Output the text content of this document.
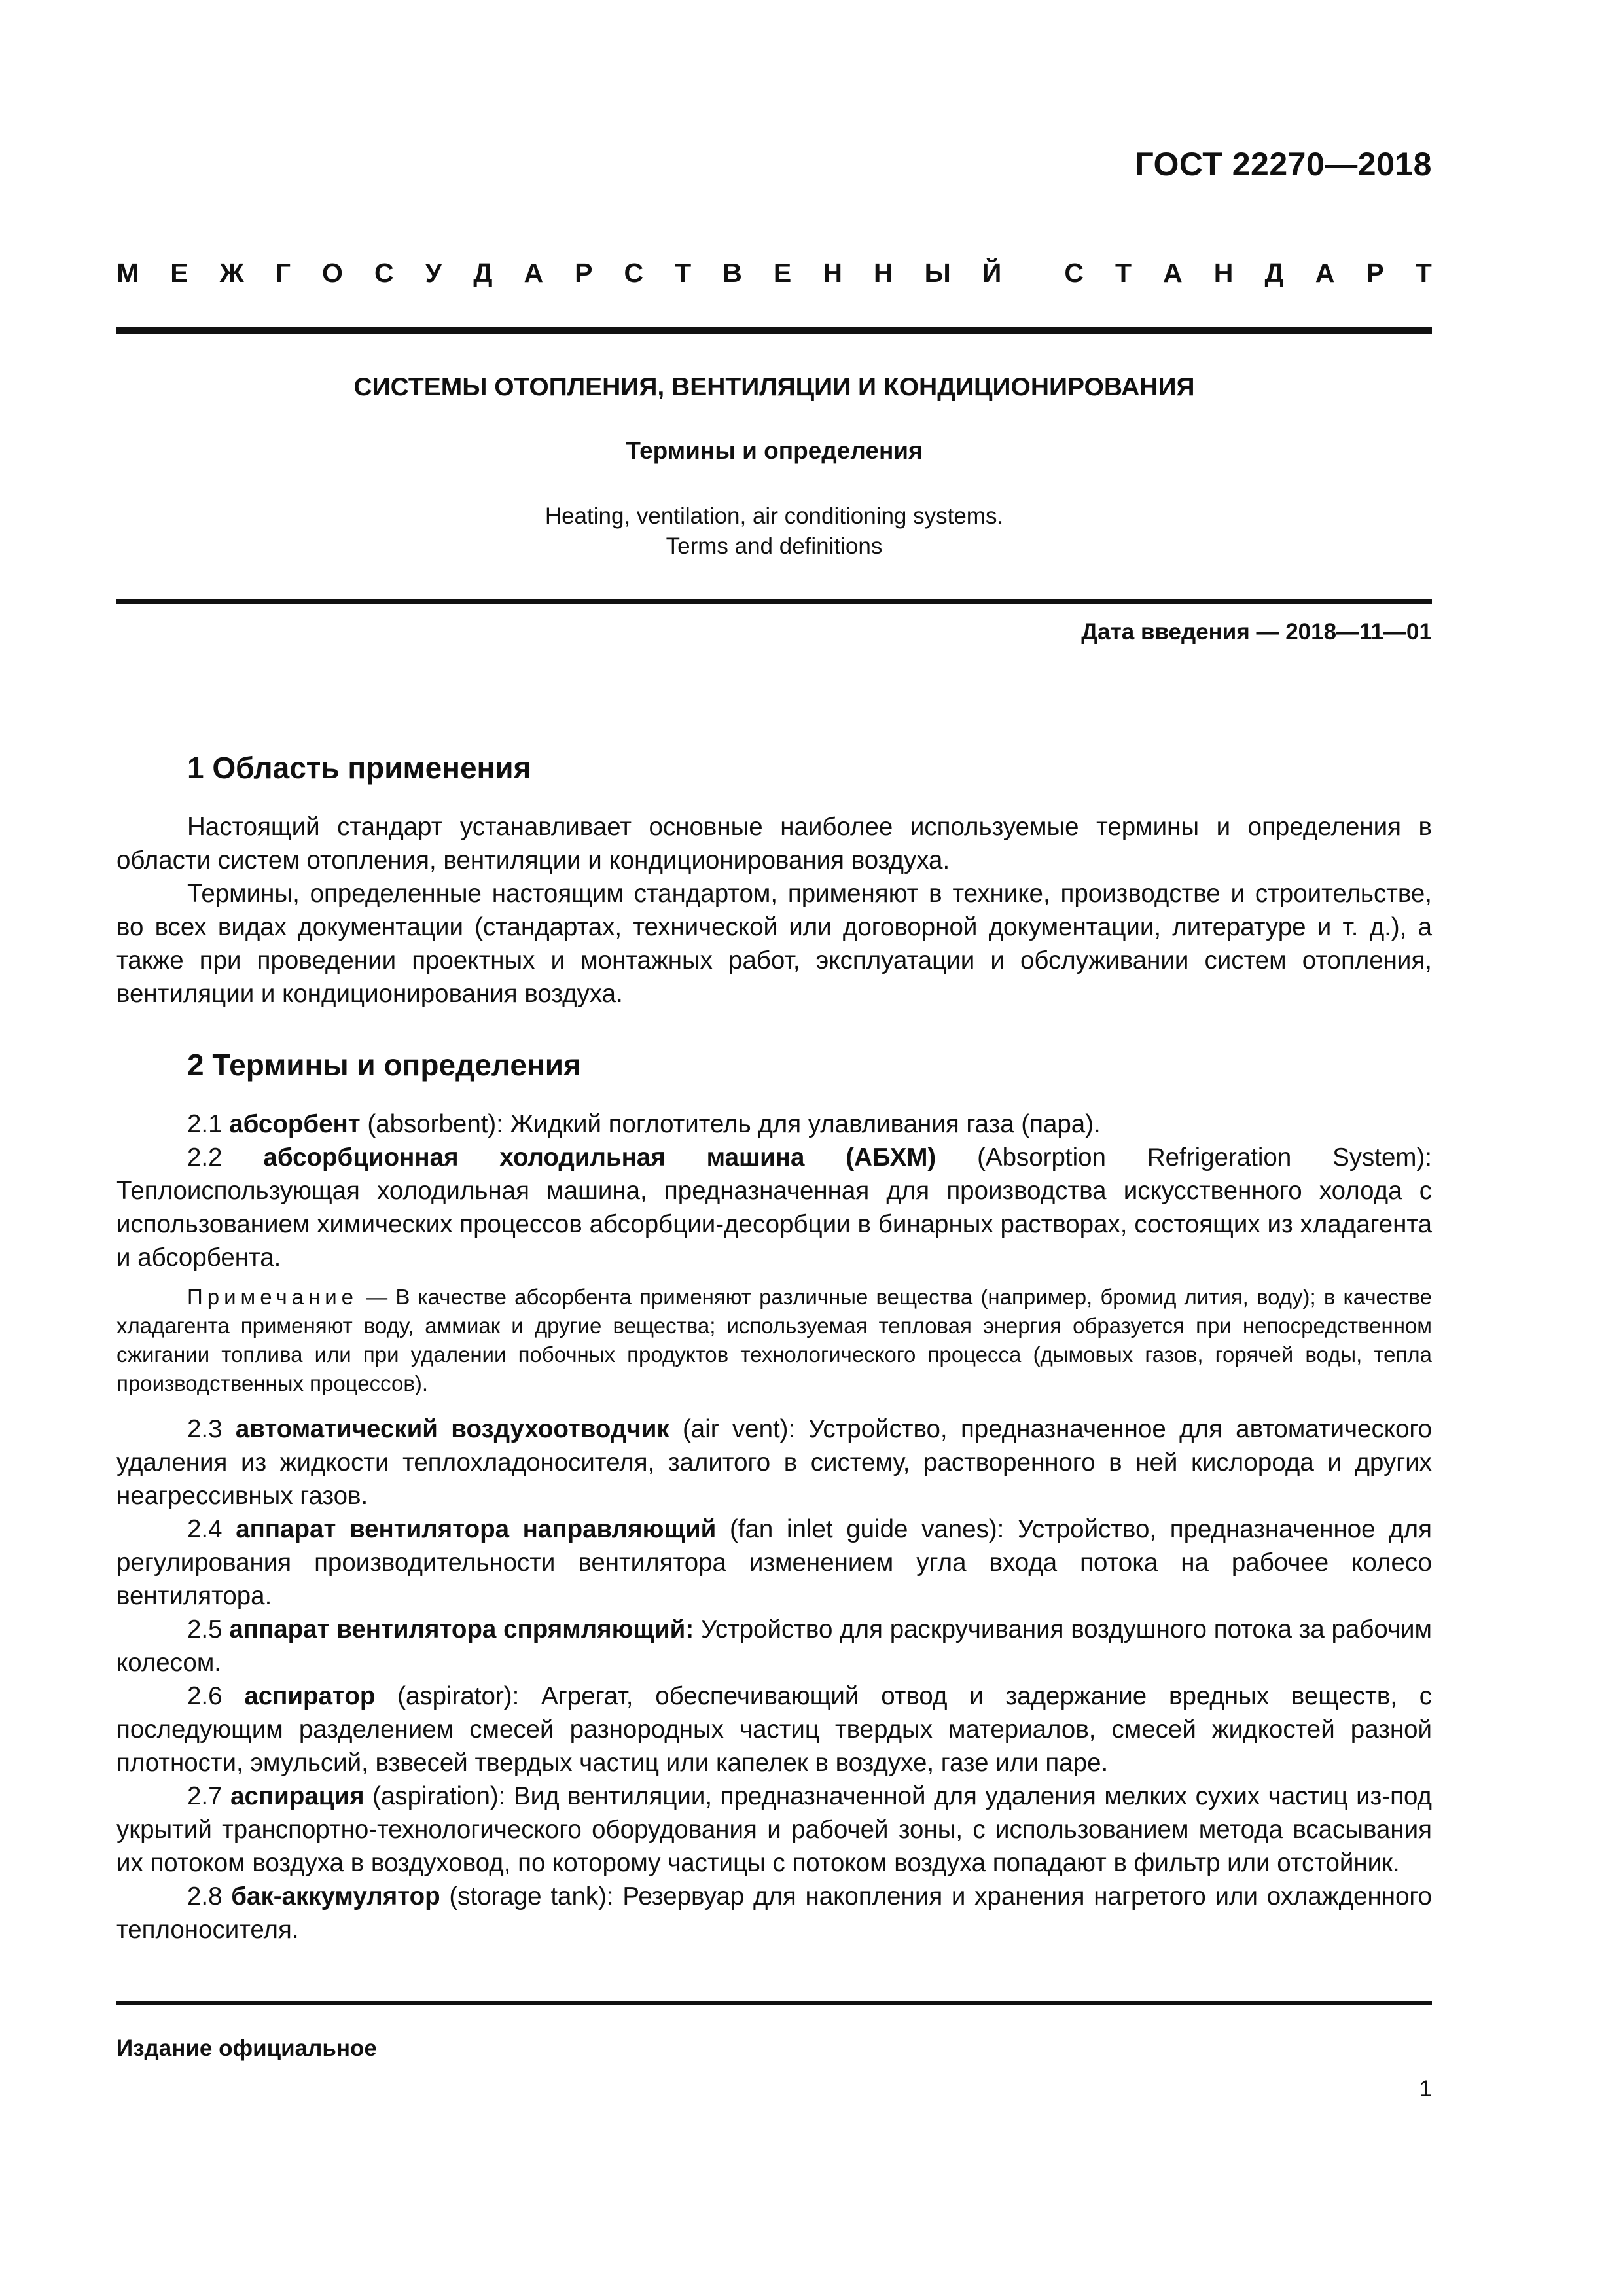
ГОСТ 22270—2018
М Е Ж Г О С У Д А Р С Т В Е Н Н Ы Й С Т А Н Д А Р Т
СИСТЕМЫ ОТОПЛЕНИЯ, ВЕНТИЛЯЦИИ И КОНДИЦИОНИРОВАНИЯ
Термины и определения
Heating, ventilation, air conditioning systems.
Terms and definitions
Дата введения — 2018—11—01
1 Область применения

Настоящий стандарт устанавливает основные наиболее используемые термины и определения в области систем отопления, вентиляции и кондиционирования воздуха.

Термины, определенные настоящим стандартом, применяют в технике, производстве и строительстве, во всех видах документации (стандартах, технической или договорной документации, литературе и т. д.), а также при проведении проектных и монтажных работ, эксплуатации и обслуживании систем отопления, вентиляции и кондиционирования воздуха.

2 Термины и определения

2.1 абсорбент (absorbent): Жидкий поглотитель для улавливания газа (пара).

2.2 абсорбционная холодильная машина (АБХМ) (Absorption Refrigeration System): Теплоиспользующая холодильная машина, предназначенная для производства искусственного холода с использованием химических процессов абсорбции-десорбции в бинарных растворах, состоящих из хладагента и абсорбента.

Примечание — В качестве абсорбента применяют различные вещества (например, бромид лития, воду); в качестве хладагента применяют воду, аммиак и другие вещества; используемая тепловая энергия образуется при непосредственном сжигании топлива или при удалении побочных продуктов технологического процесса (дымовых газов, горячей воды, тепла производственных процессов).

2.3 автоматический воздухоотводчик (air vent): Устройство, предназначенное для автоматического удаления из жидкости теплохладоносителя, залитого в систему, растворенного в ней кислорода и других неагрессивных газов.

2.4 аппарат вентилятора направляющий (fan inlet guide vanes): Устройство, предназначенное для регулирования производительности вентилятора изменением угла входа потока на рабочее колесо вентилятора.

2.5 аппарат вентилятора спрямляющий: Устройство для раскручивания воздушного потока за рабочим колесом.

2.6 аспиратор (aspirator): Агрегат, обеспечивающий отвод и задержание вредных веществ, с последующим разделением смесей разнородных частиц твердых материалов, смесей жидкостей разной плотности, эмульсий, взвесей твердых частиц или капелек в воздухе, газе или паре.

2.7 аспирация (aspiration): Вид вентиляции, предназначенной для удаления мелких сухих частиц из-под укрытий транспортно-технологического оборудования и рабочей зоны, с использованием метода всасывания их потоком воздуха в воздуховод, по которому частицы с потоком воздуха попадают в фильтр или отстойник.

2.8 бак-аккумулятор (storage tank): Резервуар для накопления и хранения нагретого или охлажденного теплоносителя.

Издание официальное
1
